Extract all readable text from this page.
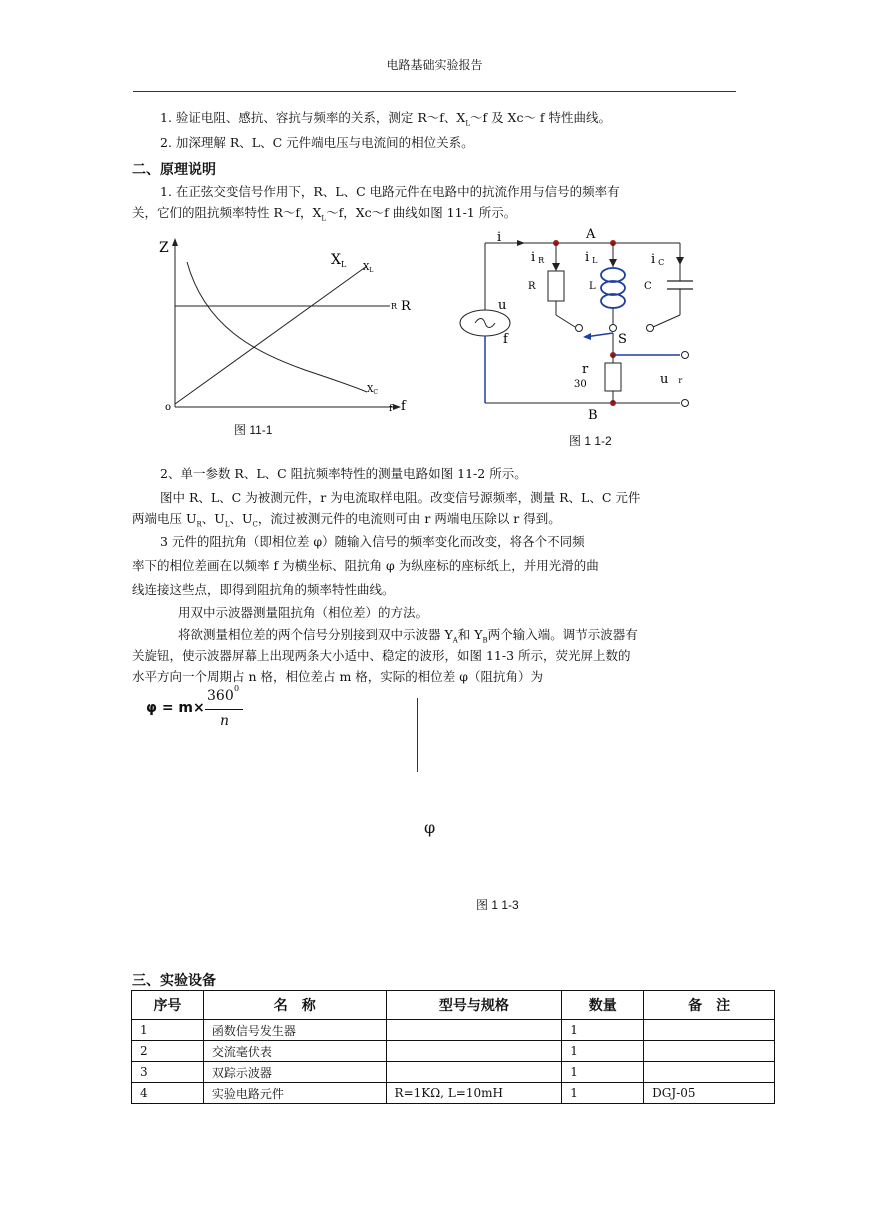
电路基础实验报告
1. 验证电阻、感抗、容抗与频率的关系，测定 R～f、$X_L\sim f$ 及 Xc～ f 特性曲线。
2. 加深理解 R、L、C 元件端电压与电流间的相位关系。
二、原理说明
1. 在正弦交变信号作用下，R、L、C 电路元件在电路中的抗流作用与信号的频率有
关，它们的阻抗频率特性 R～f，$X_L\sim f$，Xc～f 曲线如图 11-1 所示。
Z
o	f f
$X_L$ $X_L$
R R
$X_C$
图 11-1
A
B
i
i R	i L	i C
R	L	C
u
f	S
r
30	u r
图 1 1-2
2、单一参数 R、L、C 阻抗频率特性的测量电路如图 11-2 所示。
图中 R、L、C 为被测元件，r 为电流取样电阻。改变信号源频率，测量 R、L、C 元件
两端电压 $U_R$、$U_L$、$U_C$，流过被测元件的电流则可由 r 两端电压除以 r 得到。
3 元件的阻抗角（即相位差 φ）随输入信号的频率变化而改变，将各个不同频
率下的相位差画在以频率 f 为横坐标、阻抗角 φ 为纵座标的座标纸上，并用光滑的曲
线连接这些点，即得到阻抗角的频率特性曲线。
用双中示波器测量阻抗角（相位差）的方法。
将欲测量相位差的两个信号分别接到双中示波器 $Y_A$和 $Y_B$两个输入端。调节示波器有
关旋钮，使示波器屏幕上出现两条大小适中、稳定的波形，如图 11-3 所示，荧光屏上数的
水平方向一个周期占 n 格，相位差占 m 格，实际的相位差 φ（阻抗角）为
φ = m×
360 0
n
φ
图 1 1-3
三、实验设备
序号	名　称	型号与规格	数量	备　注
1	函数信号发生器		1	
2	交流毫伏表		1	
3	双踪示波器		1	
4	实验电路元件	R=1KΩ, L=10mH	1	DGJ-05
